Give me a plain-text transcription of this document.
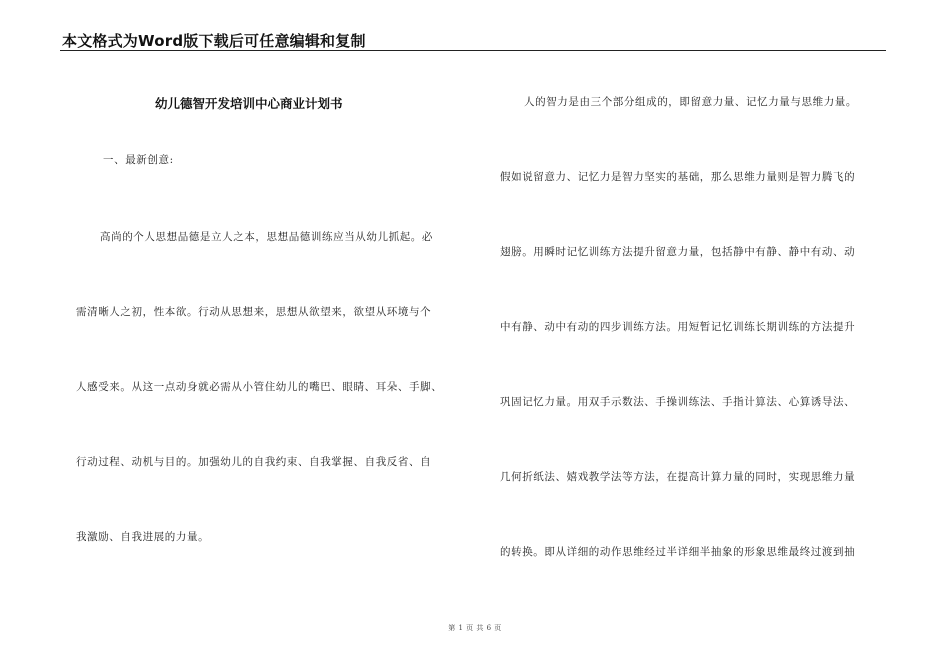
本文格式为Word版下载后可任意编辑和复制
幼儿德智开发培训中心商业计划书
一、最新创意:
高尚的个人思想品德是立人之本，思想品德训练应当从幼儿抓起。必
需清晰人之初，性本欲。行动从思想来，思想从欲望来，欲望从环境与个
人感受来。从这一点动身就必需从小管住幼儿的嘴巴、眼睛、耳朵、手脚、
行动过程、动机与目的。加强幼儿的自我约束、自我掌握、自我反省、自
我激励、自我进展的力量。
人的智力是由三个部分组成的，即留意力量、记忆力量与思维力量。
假如说留意力、记忆力是智力坚实的基础，那么思维力量则是智力腾飞的
翅膀。用瞬时记忆训练方法提升留意力量，包括静中有静、静中有动、动
中有静、动中有动的四步训练方法。用短暂记忆训练长期训练的方法提升
巩固记忆力量。用双手示数法、手操训练法、手指计算法、心算诱导法、
几何折纸法、嬉戏教学法等方法，在提高计算力量的同时，实现思维力量
的转换。即从详细的动作思维经过半详细半抽象的形象思维最终过渡到抽
第 1 页 共 6 页
